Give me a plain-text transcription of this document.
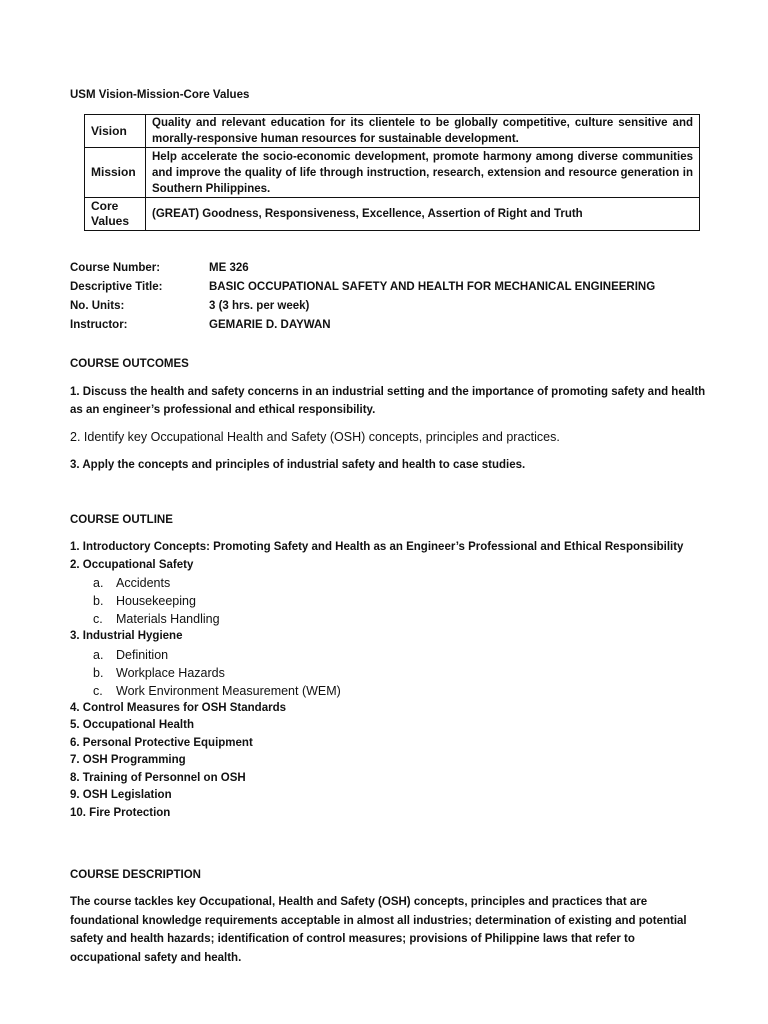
USM Vision-Mission-Core Values
Vision	Quality and relevant education for its clientele to be globally competitive, culture sensitive and morally-responsive human resources for sustainable development.
Mission	Help accelerate the socio-economic development, promote harmony among diverse communities and improve the quality of life through instruction, research, extension and resource generation in Southern Philippines.
Core Values	(GREAT) Goodness, Responsiveness, Excellence, Assertion of Right and Truth
Course Number:	ME 326
Descriptive Title:	BASIC OCCUPATIONAL SAFETY AND HEALTH FOR MECHANICAL ENGINEERING
No. Units:	3 (3 hrs. per week)
Instructor:	GEMARIE D. DAYWAN
COURSE OUTCOMES
1. Discuss the health and safety concerns in an industrial setting and the importance of promoting safety and health as an engineer’s professional and ethical responsibility.
2. Identify key Occupational Health and Safety (OSH) concepts, principles and practices.
3. Apply the concepts and principles of industrial safety and health to case studies.
COURSE OUTLINE
1. Introductory Concepts: Promoting Safety and Health as an Engineer’s Professional and Ethical Responsibility
2. Occupational Safety
a. Accidents
b. Housekeeping
c. Materials Handling
3. Industrial Hygiene
a. Definition
b. Workplace Hazards
c. Work Environment Measurement (WEM)
4. Control Measures for OSH Standards
5. Occupational Health
6. Personal Protective Equipment
7. OSH Programming
8. Training of Personnel on OSH
9. OSH Legislation
10. Fire Protection
COURSE DESCRIPTION
The course tackles key Occupational, Health and Safety (OSH) concepts, principles and practices that are foundational knowledge requirements acceptable in almost all industries; determination of existing and potential safety and health hazards; identification of control measures; provisions of Philippine laws that refer to occupational safety and health.
